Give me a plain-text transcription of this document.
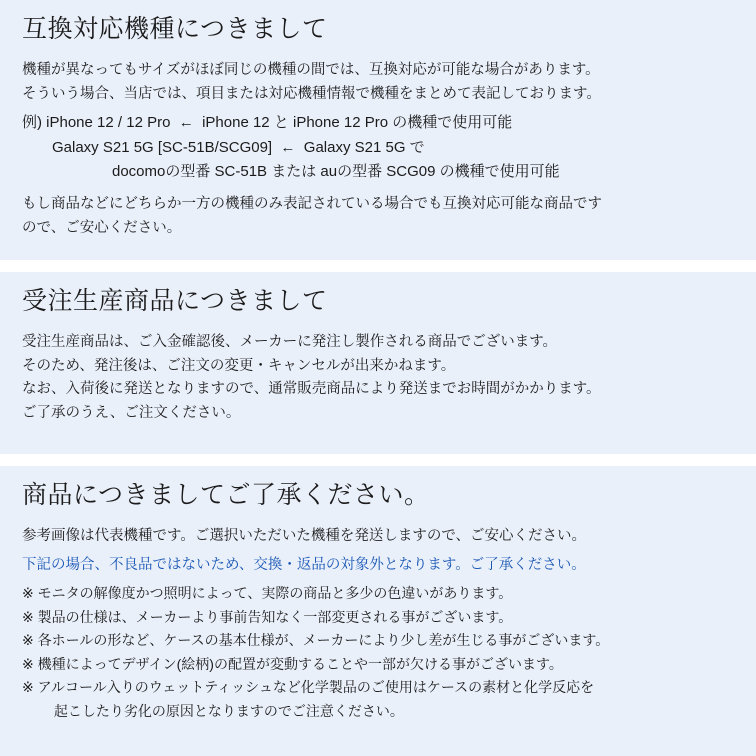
互換対応機種につきまして
機種が異なってもサイズがほぼ同じの機種の間では、互換対応が可能な場合があります。
そういう場合、当店では、項目または対応機種情報で機種をまとめて表記しております。
例) iPhone 12 / 12 Pro  ←  iPhone 12 と iPhone 12 Pro の機種で使用可能
　　Galaxy S21 5G [SC-51B/SCG09]  ←  Galaxy S21 5G で
　　　　　　docomoの型番 SC-51B または auの型番 SCG09 の機種で使用可能
もし商品などにどちらか一方の機種のみ表記されている場合でも互換対応可能な商品です
ので、ご安心ください。
受注生産商品につきまして
受注生産商品は、ご入金確認後、メーカーに発注し製作される商品でございます。
そのため、発注後は、ご注文の変更・キャンセルが出来かねます。
なお、入荷後に発送となりますので、通常販売商品により発送までお時間がかかります。
ご了承のうえ、ご注文ください。
商品につきましてご了承ください。
参考画像は代表機種です。ご選択いただいた機種を発送しますので、ご安心ください。
下記の場合、不良品ではないため、交換・返品の対象外となります。ご了承ください。
※ モニタの解像度かつ照明によって、実際の商品と多少の色違いがあります。
※ 製品の仕様は、メーカーより事前告知なく一部変更される事がございます。
※ 各ホールの形など、ケースの基本仕様が、メーカーにより少し差が生じる事がございます。
※ 機種によってデザイン(絵柄)の配置が変動することや一部が欠ける事がございます。
※ アルコール入りのウェットティッシュなど化学製品のご使用はケースの素材と化学反応を
　　 起こしたり劣化の原因となりますのでご注意ください。
